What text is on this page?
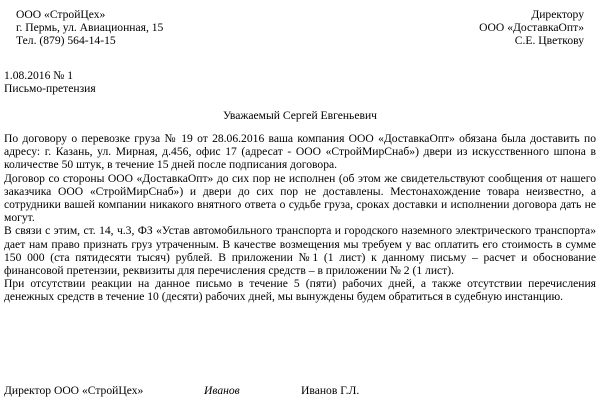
ООО «СтройЦех»
г. Пермь, ул. Авиационная, 15
Тел. (879) 564-14-15
Директору
ООО «ДоставкаОпт»
С.Е. Цветкову
1.08.2016 № 1
Письмо-претензия
Уважаемый Сергей Евгеньевич

По договору о перевозке груза № 19 от 28.06.2016 ваша компания ООО «ДоставкаОпт» обязана была доставить по адресу: г. Казань, ул. Мирная, д.456, офис 17 (адресат - ООО «СтройМирСнаб») двери из искусственного шпона в количестве 50 штук, в течение 15 дней после подписания договора.

Договор со стороны ООО «ДоставкаОпт» до сих пор не исполнен (об этом же свидетельствуют сообщения от нашего заказчика ООО «СтройМирСнаб») и двери до сих пор не доставлены. Местонахождение товара неизвестно, а сотрудники вашей компании никакого внятного ответа о судьбе груза, сроках доставки и исполнении договора дать не могут.

В связи с этим, ст. 14, ч.3, ФЗ «Устав автомобильного транспорта и городского наземного электрического транспорта» дает нам право признать груз утраченным. В качестве возмещения мы требуем у вас оплатить его стоимость в сумме 150 000 (ста пятидесяти тысяч) рублей. В приложении №1 (1 лист) к данному письму – расчет и обоснование финансовой претензии, реквизиты для перечисления средств – в приложении № 2 (1 лист).

При отсутствии реакции на данное письмо в течение 5 (пяти) рабочих дней, а также отсутствии перечисления денежных средств в течение 10 (десяти) рабочих дней, мы вынуждены будем обратиться в судебную инстанцию.

Директор ООО «СтройЦех»	Иванов	Иванов Г.Л.
